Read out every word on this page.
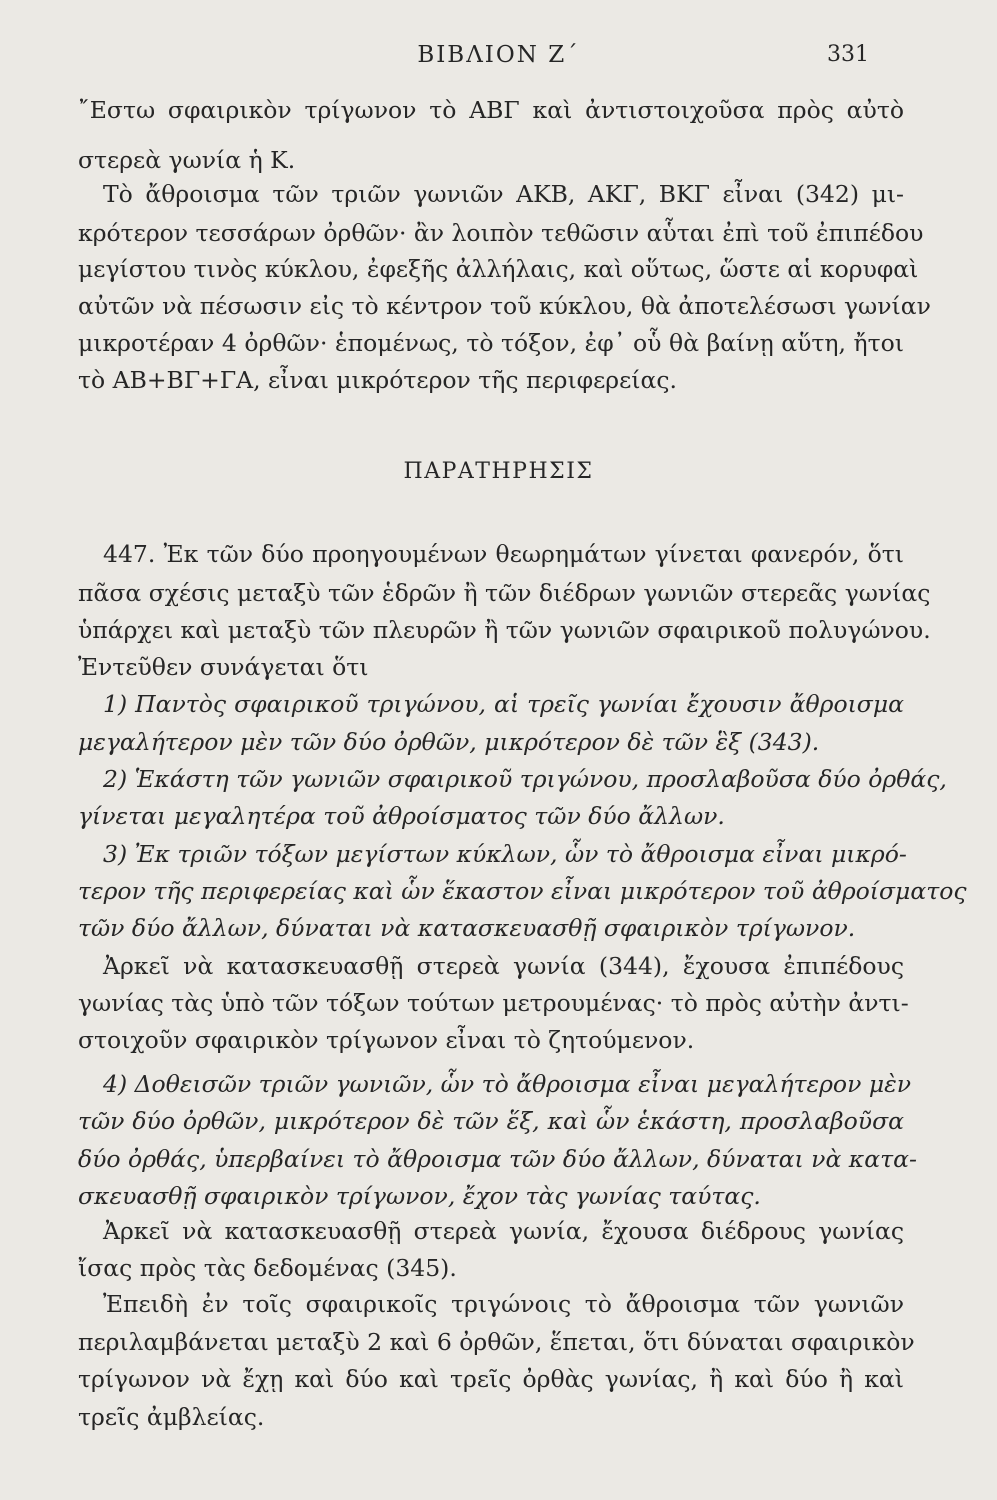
ΒΙΒΛΙΟΝ Ζ΄	331
῎Εστω σφαιρικὸν τρίγωνον τὸ ΑΒΓ καὶ ἀντιστοιχοῦσα πρὸς αὐτὸ
στερεὰ γωνία ἡ Κ.
Τὸ ἄθροισμα τῶν τριῶν γωνιῶν ΑΚΒ, ΑΚΓ, ΒΚΓ εἶναι (342) μι-
κρότερον τεσσάρων ὀρθῶν· ἂν λοιπὸν τεθῶσιν αὗται ἐπὶ τοῦ ἐπιπέδου
μεγίστου τινὸς κύκλου, ἐφεξῆς ἀλλήλαις, καὶ οὕτως, ὥστε αἱ κορυφαὶ
αὐτῶν νὰ πέσωσιν εἰς τὸ κέντρον τοῦ κύκλου, θὰ ἀποτελέσωσι γωνίαν
μικροτέραν 4 ὀρθῶν· ἑπομένως, τὸ τόξον, ἐφ᾽ οὗ θὰ βαίνῃ αὕτη, ἤτοι
τὸ ΑΒ+ΒΓ+ΓΑ, εἶναι μικρότερον τῆς περιφερείας.
ΠΑΡΑΤΗΡΗΣΙΣ
447. Ἐκ τῶν δύο προηγουμένων θεωρημάτων γίνεται φανερόν, ὅτι
πᾶσα σχέσις μεταξὺ τῶν ἑδρῶν ἢ τῶν διέδρων γωνιῶν στερεᾶς γωνίας
ὑπάρχει καὶ μεταξὺ τῶν πλευρῶν ἢ τῶν γωνιῶν σφαιρικοῦ πολυγώνου.
Ἐντεῦθεν συνάγεται ὅτι
1) Παντὸς σφαιρικοῦ τριγώνου, αἱ τρεῖς γωνίαι ἔχουσιν ἄθροισμα
μεγαλήτερον μὲν τῶν δύο ὀρθῶν, μικρότερον δὲ τῶν ἓξ (343).
2) Ἑκάστη τῶν γωνιῶν σφαιρικοῦ τριγώνου, προσλαβοῦσα δύο ὀρθάς,
γίνεται μεγαλητέρα τοῦ ἀθροίσματος τῶν δύο ἄλλων.
3) Ἐκ τριῶν τόξων μεγίστων κύκλων, ὧν τὸ ἄθροισμα εἶναι μικρό-
τερον τῆς περιφερείας καὶ ὧν ἕκαστον εἶναι μικρότερον τοῦ ἀθροίσματος
τῶν δύο ἄλλων, δύναται νὰ κατασκευασθῇ σφαιρικὸν τρίγωνον.
Ἀρκεῖ νὰ κατασκευασθῇ στερεὰ γωνία (344), ἔχουσα ἐπιπέδους
γωνίας τὰς ὑπὸ τῶν τόξων τούτων μετρουμένας· τὸ πρὸς αὐτὴν ἀντι-
στοιχοῦν σφαιρικὸν τρίγωνον εἶναι τὸ ζητούμενον.
4) Δοθεισῶν τριῶν γωνιῶν, ὧν τὸ ἄθροισμα εἶναι μεγαλήτερον μὲν
τῶν δύο ὀρθῶν, μικρότερον δὲ τῶν ἕξ, καὶ ὧν ἑκάστη, προσλαβοῦσα
δύο ὀρθάς, ὑπερβαίνει τὸ ἄθροισμα τῶν δύο ἄλλων, δύναται νὰ κατα-
σκευασθῇ σφαιρικὸν τρίγωνον, ἔχον τὰς γωνίας ταύτας.
Ἀρκεῖ νὰ κατασκευασθῇ στερεὰ γωνία, ἔχουσα διέδρους γωνίας
ἴσας πρὸς τὰς δεδομένας (345).
Ἐπειδὴ ἐν τοῖς σφαιρικοῖς τριγώνοις τὸ ἄθροισμα τῶν γωνιῶν
περιλαμβάνεται μεταξὺ 2 καὶ 6 ὀρθῶν, ἕπεται, ὅτι δύναται σφαιρικὸν
τρίγωνον νὰ ἔχῃ καὶ δύο καὶ τρεῖς ὀρθὰς γωνίας, ἢ καὶ δύο ἢ καὶ
τρεῖς ἀμβλείας.
